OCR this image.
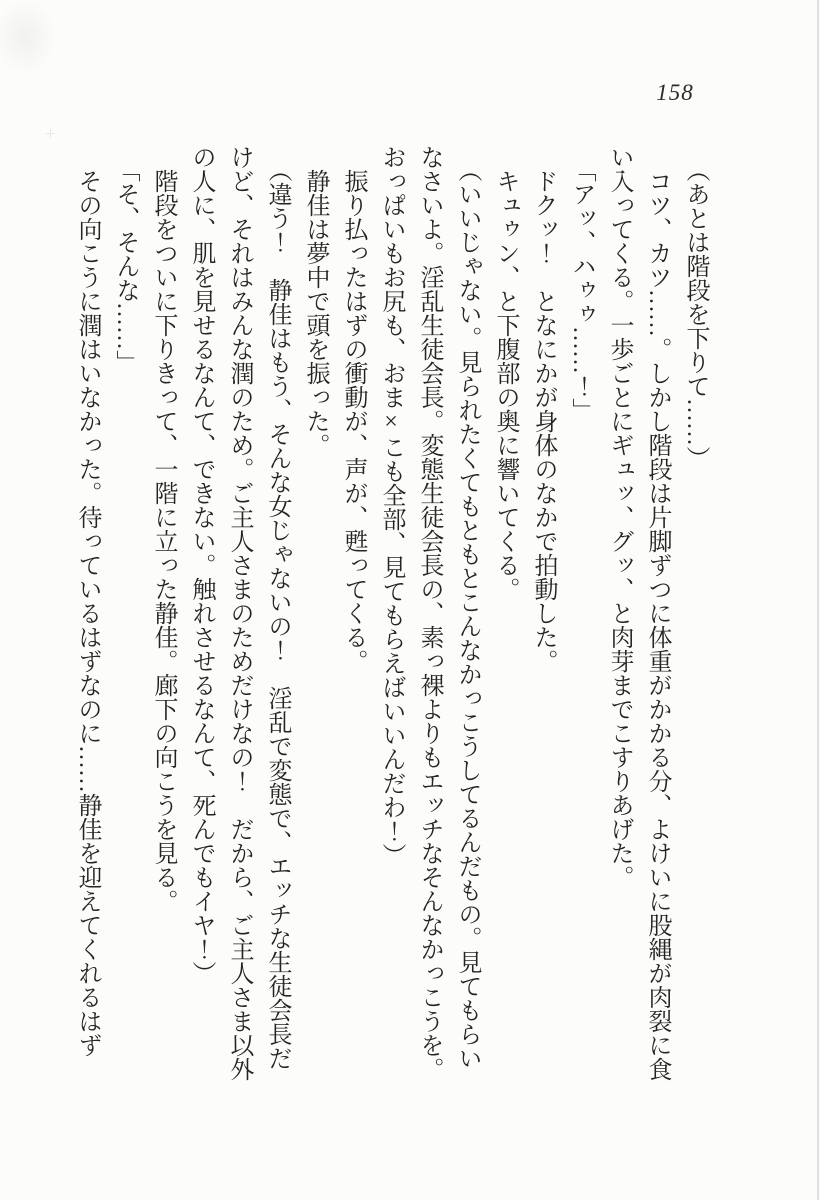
158

（あとは階段を下りて……）

コツ、カツ……。しかし階段は片脚ずつに体重がかかる分、よけいに股縄が肉裂に食い入ってくる。一歩ごとにギュッ、グッ、と肉芽までこすりあげた。

「アッ、ハゥゥ……！」

ドクッ！　となにかが身体のなかで拍動した。

キュゥン、と下腹部の奥に響いてくる。

（いいじゃない。見られたくてもともとこんなかっこうしてるんだもの。見てもらいなさいよ。淫乱生徒会長。変態生徒会長の、素っ裸よりもエッチなそんなかっこうを。おっぱいもお尻も、おま×こも全部、見てもらえばいいんだわ！）

振り払ったはずの衝動が、声が、甦ってくる。

静佳は夢中で頭を振った。

（違う！　静佳はもう、そんな女じゃないの！　淫乱で変態で、エッチな生徒会長だけど、それはみんな潤のため。ご主人さまのためだけなの！　だから、ご主人さま以外の人に、肌を見せるなんて、できない。触れさせるなんて、死んでもイヤ！）

階段をついに下りきって、一階に立った静佳。廊下の向こうを見る。

「そ、そんな……」

その向こうに潤はいなかった。待っているはずなのに……静佳を迎えてくれるはず
